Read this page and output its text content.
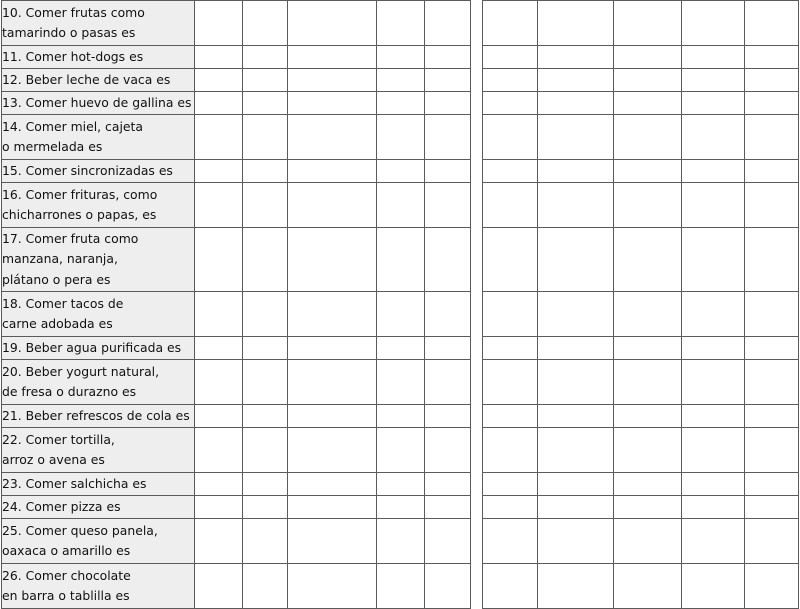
10. Comer frutas como
tamarindo o pasas es					

11. Comer hot-dogs es					

12. Beber leche de vaca es					

13. Comer huevo de gallina es					

14. Comer miel, cajeta
o mermelada es					

15. Comer sincronizadas es					

16. Comer frituras, como
chicharrones o papas, es					

17. Comer fruta como
manzana, naranja,
plátano o pera es					

18. Comer tacos de
carne adobada es					

19. Beber agua purificada es					

20. Beber yogurt natural,
de fresa o durazno es					

21. Beber refrescos de cola es					

22. Comer tortilla,
arroz o avena es					

23. Comer salchicha es					

24. Comer pizza es					

25. Comer queso panela,
oaxaca o amarillo es					

26. Comer chocolate
en barra o tablilla es					
